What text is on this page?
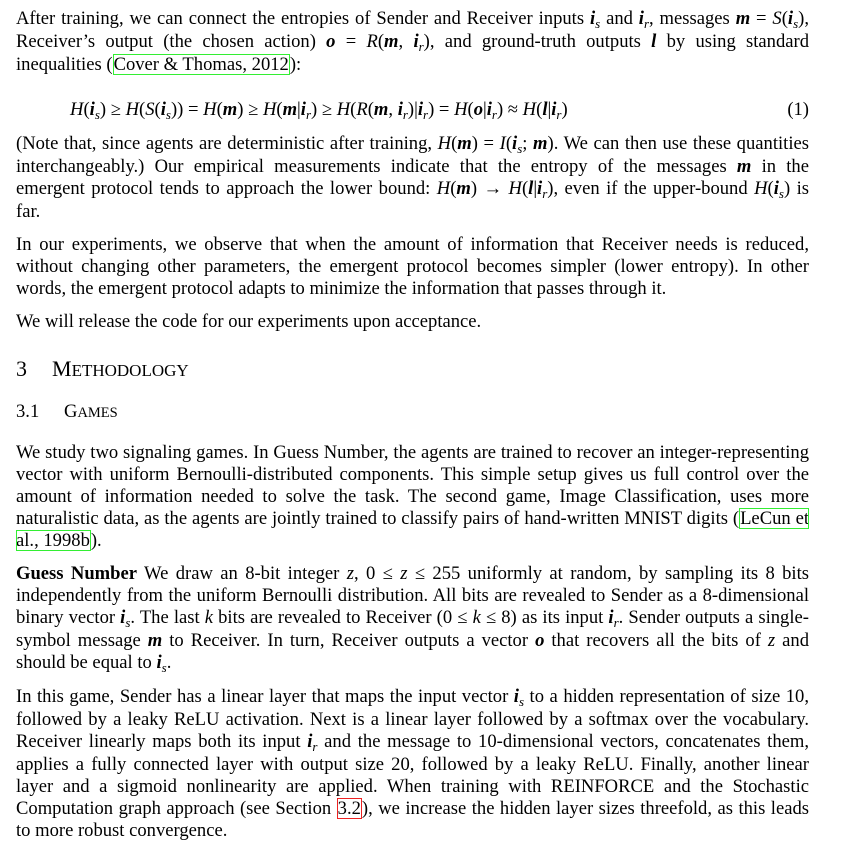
After training, we can connect the entropies of Sender and Receiver inputs $i_s$ and $i_r$, messages $m = S(i_s)$, Receiver’s output (the chosen action) o = R(m, $i_r$), and ground-truth outputs l by using standard inequalities (Cover & Thomas, 2012):

$H(i_s) \ge H(S(i_s)) = H(m) \ge H(m|i_r) \ge H(R(m$, $i_r)|i_r) = H(o|i_r) \approx H(l|i_r)$	(1)

(Note that, since agents are deterministic after training, $H(m) = I(i_s$; m). We can then use these quantities interchangeably.) Our empirical measurements indicate that the entropy of the messages m in the emergent protocol tends to approach the lower bound: $H(m) \to H(l|i_r)$, even if the upper-bound $H(i_s)$ is far.

In our experiments, we observe that when the amount of information that Receiver needs is reduced, without changing other parameters, the emergent protocol becomes simpler (lower entropy). In other words, the emergent protocol adapts to minimize the information that passes through it.

We will release the code for our experiments upon acceptance.

3 METHODOLOGY
3.1 GAMES

We study two signaling games. In Guess Number, the agents are trained to recover an integer-representing vector with uniform Bernoulli-distributed components. This simple setup gives us full control over the amount of information needed to solve the task. The second game, Image Classification, uses more naturalistic data, as the agents are jointly trained to classify pairs of hand-written MNIST digits (LeCun et al., 1998b).

Guess Number We draw an 8-bit integer z, 0 ≤ z ≤ 255 uniformly at random, by sampling its 8 bits independently from the uniform Bernoulli distribution. All bits are revealed to Sender as a 8-dimensional binary vector $i_s$. The last k bits are revealed to Receiver (0 ≤ k ≤ 8) as its input $i_r$. Sender outputs a single-symbol message m to Receiver. In turn, Receiver outputs a vector o that recovers all the bits of z and should be equal to $i_s$.

In this game, Sender has a linear layer that maps the input vector $i_s$ to a hidden representation of size 10, followed by a leaky ReLU activation. Next is a linear layer followed by a softmax over the vocabulary. Receiver linearly maps both its input $i_r$ and the message to 10-dimensional vectors, concatenates them, applies a fully connected layer with output size 20, followed by a leaky ReLU. Finally, another linear layer and a sigmoid nonlinearity are applied. When training with REINFORCE and the Stochastic Computation graph approach (see Section 3.2), we increase the hidden layer sizes threefold, as this leads to more robust convergence.
